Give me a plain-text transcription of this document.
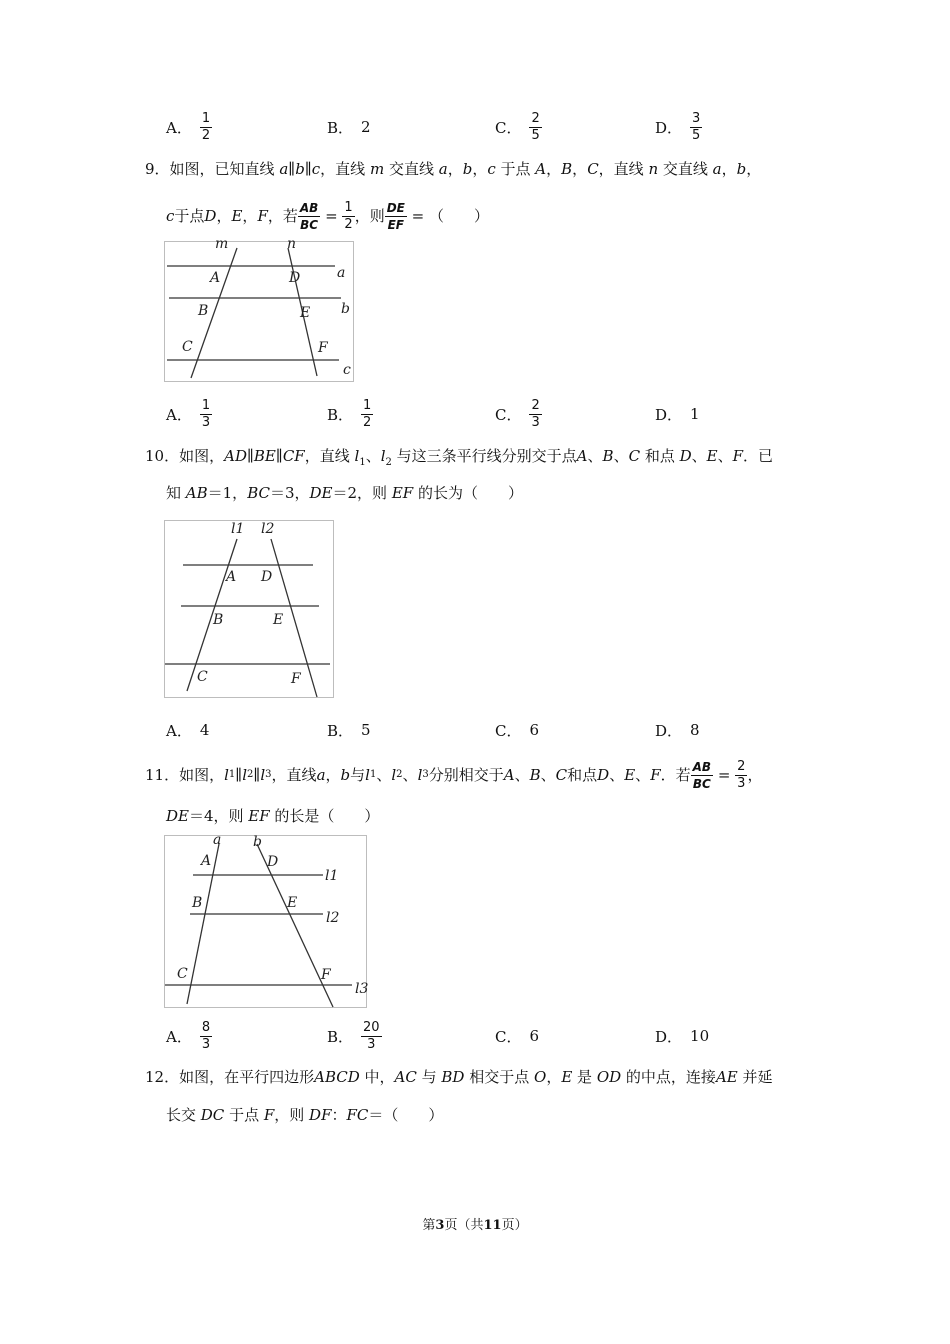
A． $\frac{1}{2}$	B． 2	C． $\frac{2}{5}$	D． $\frac{3}{5}$
9．如图，已知直线 a∥b∥c，直线 m 交直线 a，b，c 于点 A，B，C，直线 n 交直线 a，b，
c 于点 D ， E ， F ，若 $\frac{AB}{BC} = \frac{1}{2}$ ，则 $\frac{DE}{EF}$ = （　　）
m	n
A	D	a
B	E b
C	F
c
A． $\frac{1}{3}$	B． $\frac{1}{2}$	C． $\frac{2}{3}$	D． 1
10．如图，AD∥BE∥CF，直线 $l_1$、$l_2$ 与这三条平行线分别交于点A、B、C 和点 D、E、F．已
知 AB＝1，BC＝3，DE＝2，则 EF 的长为（　　）
l1 l2
A D
B	E
C	F
A． 4	B． 5	C． 6	D． 8
11． 如图， l 1 ∥ l 2 ∥ l 3 ，直线 a ， b 与 l 1 、 l 2 、 l 3 分别相交于 A 、 B 、 C 和点 D 、 E 、 F ．若 $\frac{AB}{BC} = \frac{2}{3}$ ，
DE＝4，则 EF 的长是（　　）
a b
A	D
l1
B	E
l2
C	F
l3
A． $\frac{8}{3}$	B． $\frac{20}{3}$	C． 6	D． 10
12．如图，在平行四边形ABCD 中，AC 与 BD 相交于点 O，E 是 OD 的中点，连接AE 并延
长交 DC 于点 F，则 DF：FC＝（　　）
第3页（共11页）
